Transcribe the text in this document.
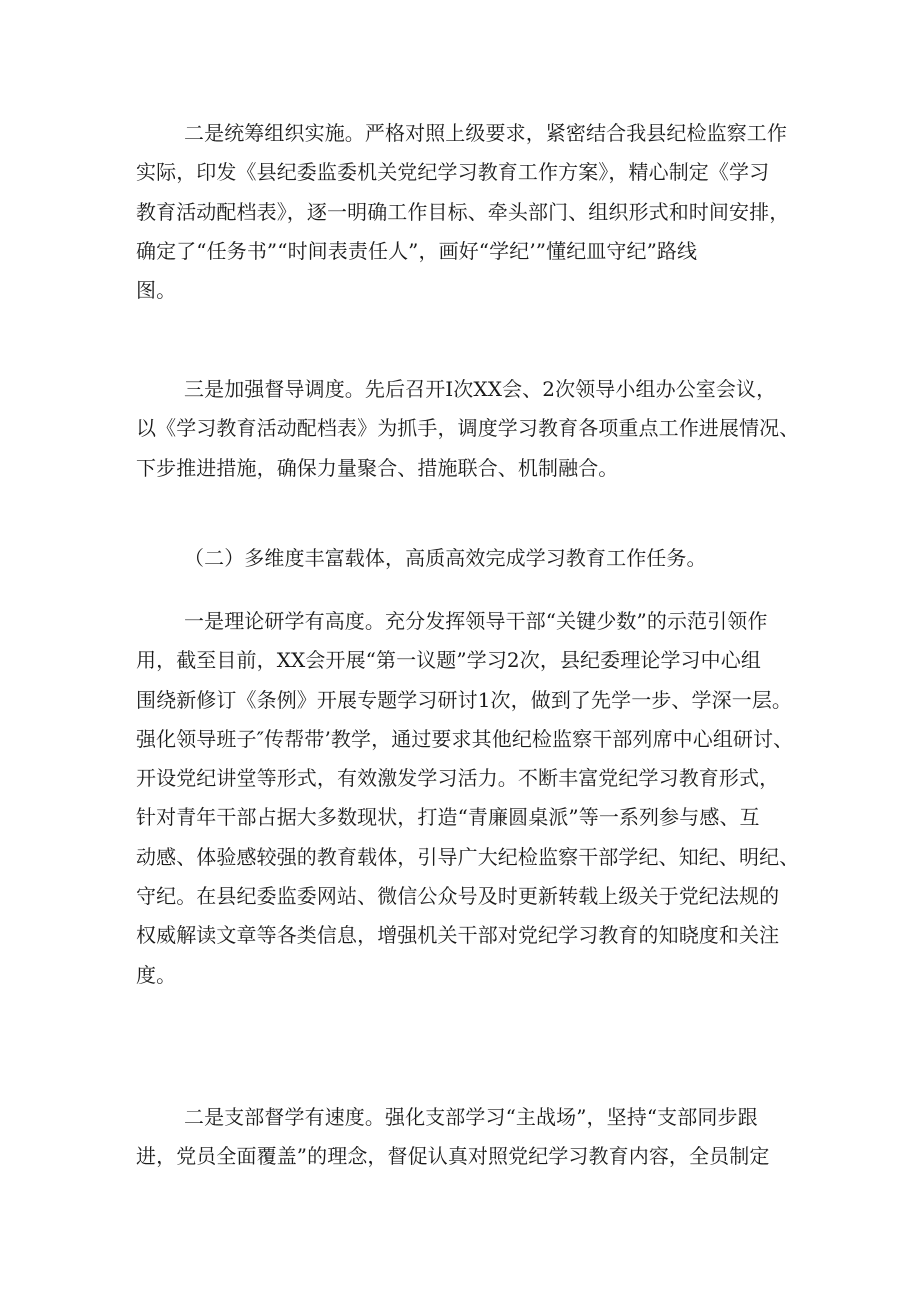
二是统筹组织实施。严格对照上级要求，紧密结合我县纪检监察工作
实际，印发《县纪委监委机关党纪学习教育工作方案》，精心制定《学习
教育活动配档表》，逐一明确工作目标、牵头部门、组织形式和时间安排，
确定了“任务书”“时间表责任人”，画好“学纪’”懂纪皿守纪”路线
图。

三是加强督导调度。先后召开I次XX会、2次领导小组办公室会议，
以《学习教育活动配档表》为抓手，调度学习教育各项重点工作进展情况、
下步推进措施，确保力量聚合、措施联合、机制融合。

（二）多维度丰富载体，高质高效完成学习教育工作任务。

一是理论研学有高度。充分发挥领导干部“关键少数”的示范引领作
用，截至目前，XX会开展“第一议题”学习2次，县纪委理论学习中心组
围绕新修订《条例》开展专题学习研讨1次，做到了先学一步、学深一层。
强化领导班子″传帮带’教学，通过要求其他纪检监察干部列席中心组研讨、
开设党纪讲堂等形式，有效激发学习活力。不断丰富党纪学习教育形式，
针对青年干部占据大多数现状，打造“青廉圆桌派”等一系列参与感、互
动感、体验感较强的教育载体，引导广大纪检监察干部学纪、知纪、明纪、
守纪。在县纪委监委网站、微信公众号及时更新转载上级关于党纪法规的
权威解读文章等各类信息，增强机关干部对党纪学习教育的知晓度和关注
度。

二是支部督学有速度。强化支部学习“主战场”，坚持“支部同步跟
进，党员全面覆盖”的理念，督促认真对照党纪学习教育内容，全员制定
